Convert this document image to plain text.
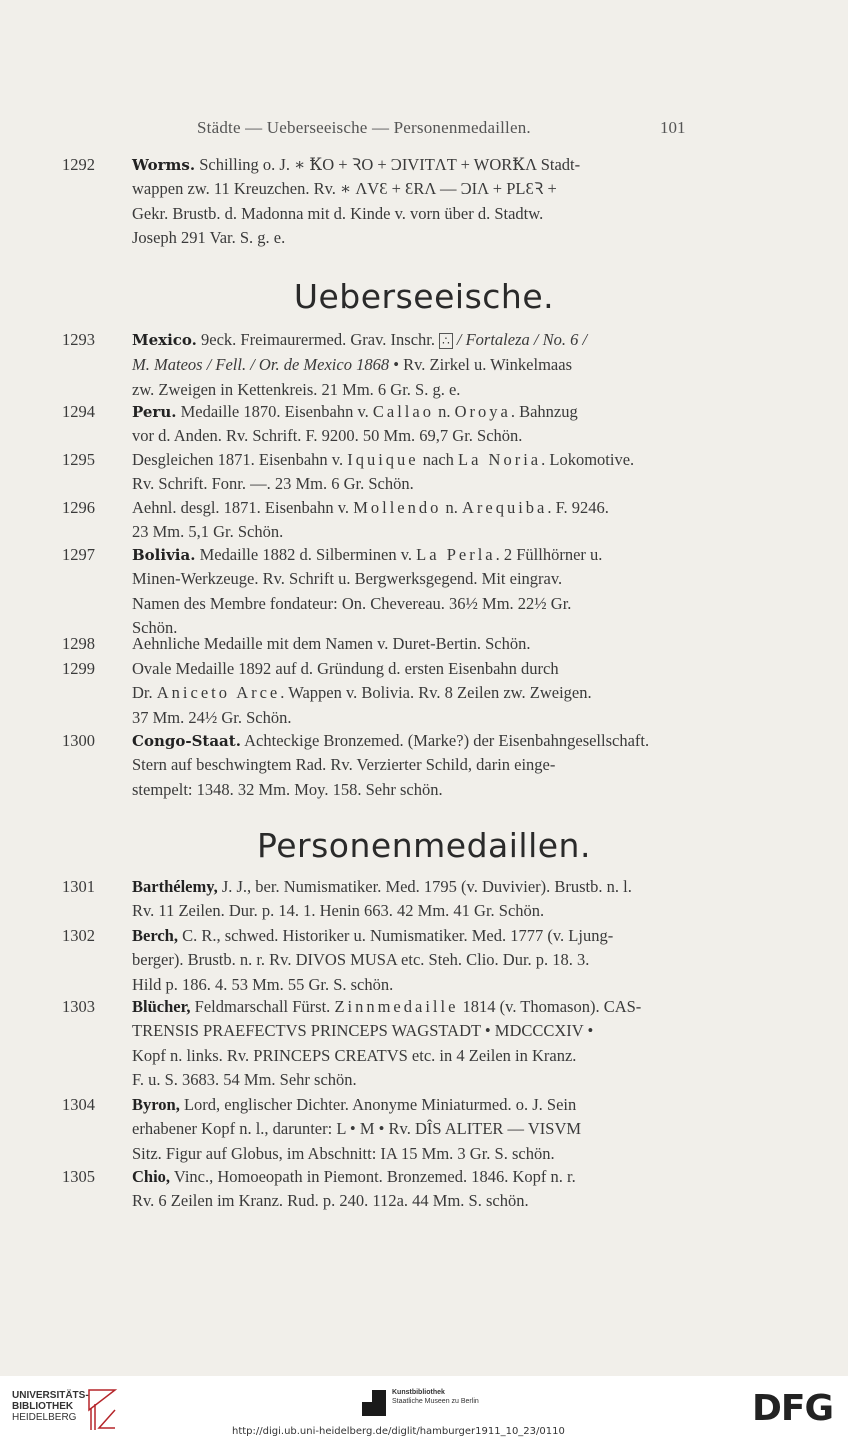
Städte — Ueberseeische — Personenmedaillen.	101
1292	Worms. Schilling o. J. ∗ ꝀO + ꝚO + ƆIVITΛT + WORꝀΛ Stadt-
wappen zw. 11 Kreuzchen. Rv. ∗ ΛVƐ + ƐRΛ — ƆIΛ + PLƐꝚ +
Gekr. Brustb. d. Madonna mit d. Kinde v. vorn über d. Stadtw.
Joseph 291 Var. S. g. e.
Ueberseeische.
1293	Mexico. 9eck. Freimaurermed. Grav. Inschr. ∴ / Fortaleza / No. 6 /
M. Mateos / Fell. / Or. de Mexico 1868 • Rv. Zirkel u. Winkelmaas
zw. Zweigen in Kettenkreis. 21 Mm. 6 Gr. S. g. e.
1294	Peru. Medaille 1870. Eisenbahn v. Callao n. Oroya. Bahnzug
vor d. Anden. Rv. Schrift. F. 9200. 50 Mm. 69,7 Gr. Schön.
1295	Desgleichen 1871. Eisenbahn v. Iquique nach La Noria. Lokomotive.
Rv. Schrift. Fonr. —. 23 Mm. 6 Gr. Schön.
1296	Aehnl. desgl. 1871. Eisenbahn v. Mollendo n. Arequiba. F. 9246.
23 Mm. 5,1 Gr. Schön.
1297	Bolivia. Medaille 1882 d. Silberminen v. La Perla. 2 Füllhörner u.
Minen-Werkzeuge. Rv. Schrift u. Bergwerksgegend. Mit eingrav.
Namen des Membre fondateur: On. Chevereau. 36½ Mm. 22½ Gr.
Schön.
1298	Aehnliche Medaille mit dem Namen v. Duret-Bertin. Schön.
1299	Ovale Medaille 1892 auf d. Gründung d. ersten Eisenbahn durch
Dr. Aniceto Arce. Wappen v. Bolivia. Rv. 8 Zeilen zw. Zweigen.
37 Mm. 24½ Gr. Schön.
1300	Congo-Staat. Achteckige Bronzemed. (Marke?) der Eisenbahngesellschaft.
Stern auf beschwingtem Rad. Rv. Verzierter Schild, darin einge-
stempelt: 1348. 32 Mm. Moy. 158. Sehr schön.
Personenmedaillen.
1301	Barthélemy, J. J., ber. Numismatiker. Med. 1795 (v. Duvivier). Brustb. n. l.
Rv. 11 Zeilen. Dur. p. 14. 1. Henin 663. 42 Mm. 41 Gr. Schön.
1302	Berch, C. R., schwed. Historiker u. Numismatiker. Med. 1777 (v. Ljung-
berger). Brustb. n. r. Rv. DIVOS MUSA etc. Steh. Clio. Dur. p. 18. 3.
Hild p. 186. 4. 53 Mm. 55 Gr. S. schön.
1303	Blücher, Feldmarschall Fürst. Zinnmedaille 1814 (v. Thomason). CAS-
TRENSIS PRAEFECTVS PRINCEPS WAGSTADT • MDCCCXIV •
Kopf n. links. Rv. PRINCEPS CREATVS etc. in 4 Zeilen in Kranz.
F. u. S. 3683. 54 Mm. Sehr schön.
1304	Byron, Lord, englischer Dichter. Anonyme Miniaturmed. o. J. Sein
erhabener Kopf n. l., darunter: L • M • Rv. DÎS ALITER — VISVM
Sitz. Figur auf Globus, im Abschnitt: IA 15 Mm. 3 Gr. S. schön.
1305	Chio, Vinc., Homoeopath in Piemont. Bronzemed. 1846. Kopf n. r.
Rv. 6 Zeilen im Kranz. Rud. p. 240. 112a. 44 Mm. S. schön.
UNIVERSITÄTS-
BIBLIOTHEK
HEIDELBERG
Kunstbibliothek
Staatliche Museen zu Berlin	DFG
http://digi.ub.uni-heidelberg.de/diglit/hamburger1911_10_23/0110
